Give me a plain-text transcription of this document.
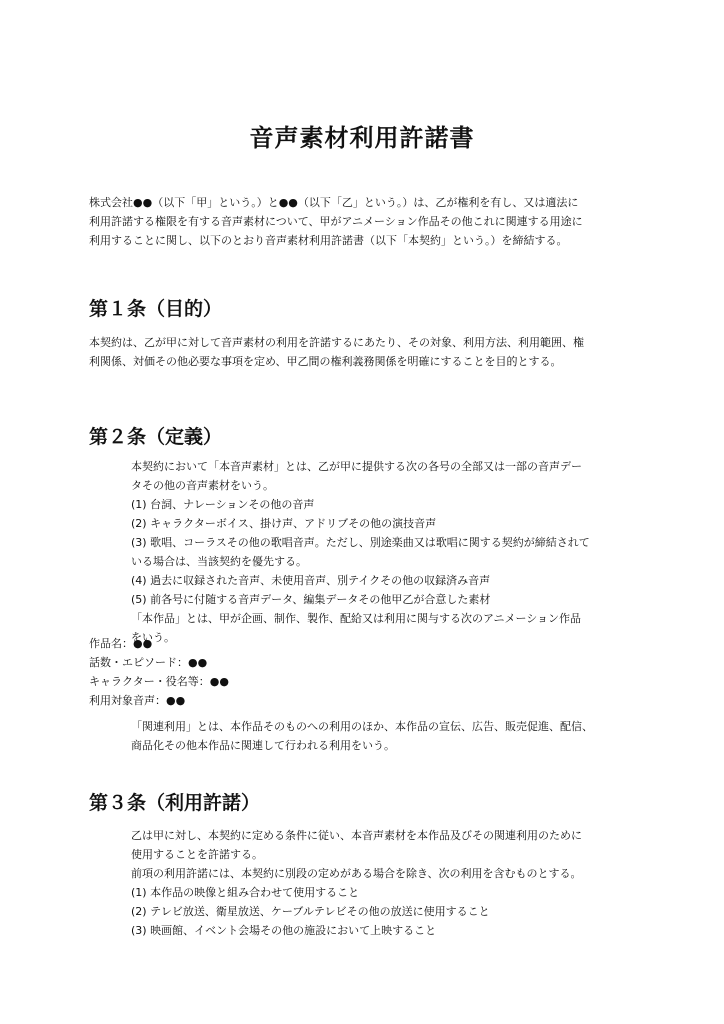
音声素材利用許諾書
株式会社●●（以下「甲」という。）と●●（以下「乙」という。）は、乙が権利を有し、又は適法に
利用許諾する権限を有する音声素材について、甲がアニメーション作品その他これに関連する用途に
利用することに関し、以下のとおり音声素材利用許諾書（以下「本契約」という。）を締結する。
第１条（目的）
本契約は、乙が甲に対して音声素材の利用を許諾するにあたり、その対象、利用方法、利用範囲、権
利関係、対価その他必要な事項を定め、甲乙間の権利義務関係を明確にすることを目的とする。
第２条（定義）
本契約において「本音声素材」とは、乙が甲に提供する次の各号の全部又は一部の音声デー
タその他の音声素材をいう。
(1) 台詞、ナレーションその他の音声
(2) キャラクターボイス、掛け声、アドリブその他の演技音声
(3) 歌唱、コーラスその他の歌唱音声。ただし、別途楽曲又は歌唱に関する契約が締結されて
いる場合は、当該契約を優先する。
(4) 過去に収録された音声、未使用音声、別テイクその他の収録済み音声
(5) 前各号に付随する音声データ、編集データその他甲乙が合意した素材
「本作品」とは、甲が企画、制作、製作、配給又は利用に関与する次のアニメーション作品
をいう。
作品名：●●
話数・エピソード：●●
キャラクター・役名等：●●
利用対象音声：●●
「関連利用」とは、本作品そのものへの利用のほか、本作品の宣伝、広告、販売促進、配信、
商品化その他本作品に関連して行われる利用をいう。
第３条（利用許諾）
乙は甲に対し、本契約に定める条件に従い、本音声素材を本作品及びその関連利用のために
使用することを許諾する。
前項の利用許諾には、本契約に別段の定めがある場合を除き、次の利用を含むものとする。
(1) 本作品の映像と組み合わせて使用すること
(2) テレビ放送、衛星放送、ケーブルテレビその他の放送に使用すること
(3) 映画館、イベント会場その他の施設において上映すること
